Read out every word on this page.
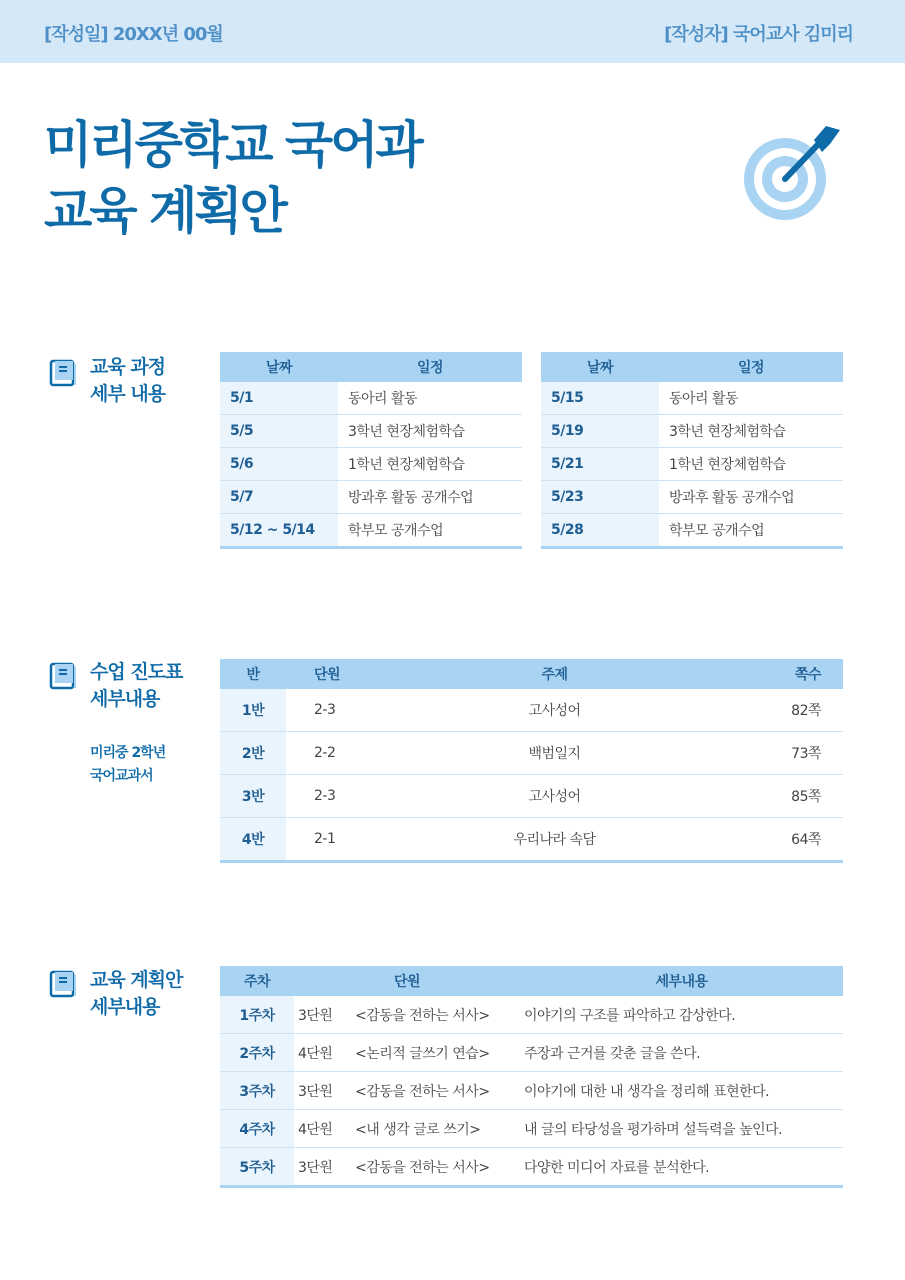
[작성일] 20XX년 00월	[작성자] 국어교사 김미리
미리중학교 국어과
교육 계획안
교육 과정
세부 내용
날짜	일정
5/1	동아리 활동
5/5	3학년 현장체험학습
5/6	1학년 현장체험학습
5/7	방과후 활동 공개수업
5/12 ~ 5/14	학부모 공개수업
날짜	일정
5/15	동아리 활동
5/19	3학년 현장체험학습
5/21	1학년 현장체험학습
5/23	방과후 활동 공개수업
5/28	학부모 공개수업
수업 진도표
세부내용
미리중 2학년
국어교과서
반	단원	주제	쪽수
1반	2-3	고사성어	82쪽
2반	2-2	백범일지	73쪽
3반	2-3	고사성어	85쪽
4반	2-1	우리나라 속담	64쪽
교육 계획안
세부내용
주차	단원		세부내용
1주차	3단원	<감동을 전하는 서사>	이야기의 구조를 파악하고 감상한다.
2주차	4단원	<논리적 글쓰기 연습>	주장과 근거를 갖춘 글을 쓴다.
3주차	3단원	<감동을 전하는 서사>	이야기에 대한 내 생각을 정리해 표현한다.
4주차	4단원	<내 생각 글로 쓰기>	내 글의 타당성을 평가하며 설득력을 높인다.
5주차	3단원	<감동을 전하는 서사>	다양한 미디어 자료를 분석한다.
